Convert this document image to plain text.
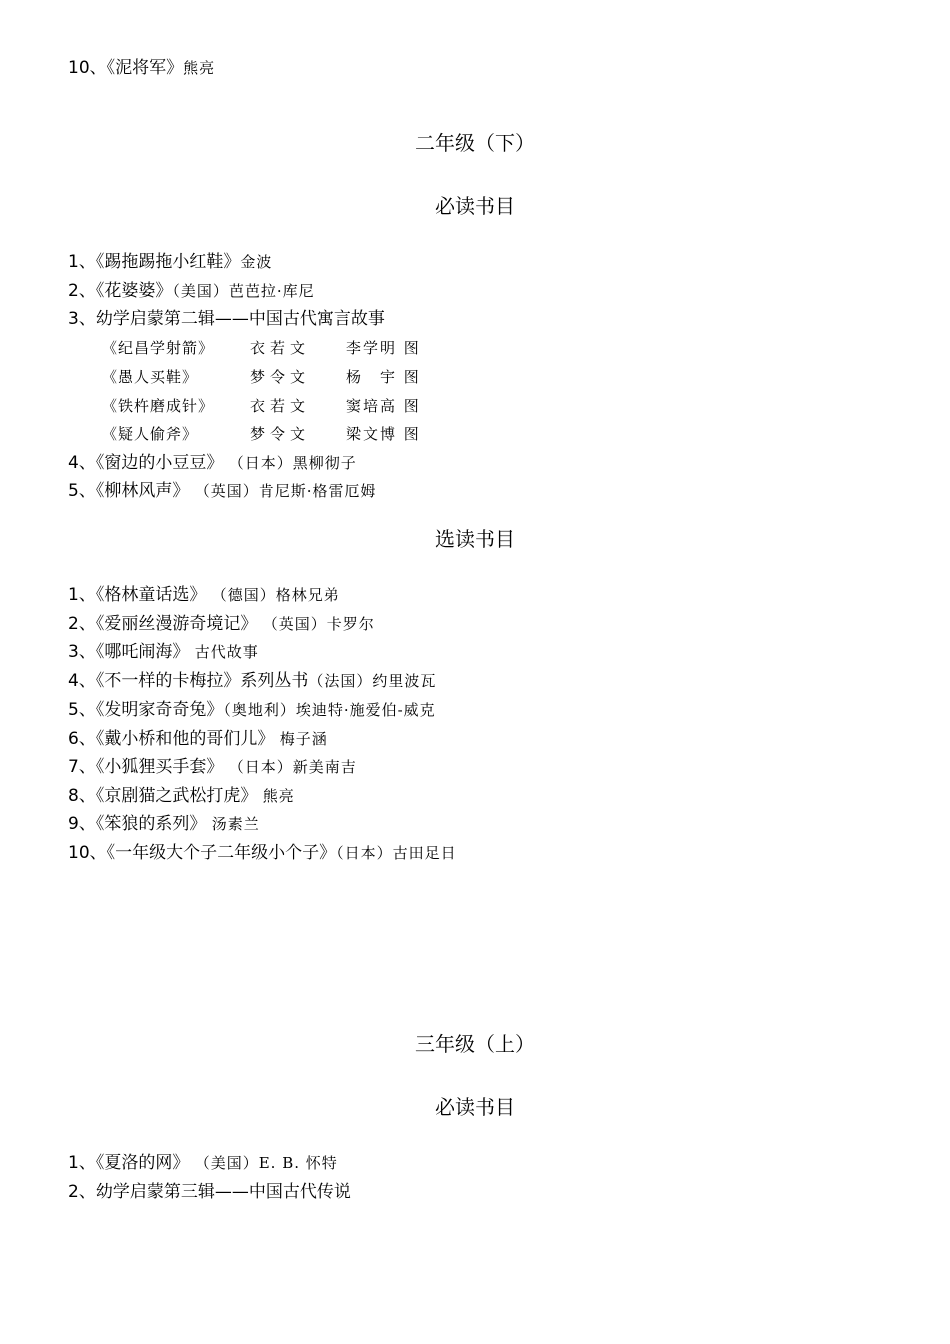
10、《泥将军》熊亮
二年级（下）
必读书目
1、《踢拖踢拖小红鞋》金波
2、《花婆婆》（美国）芭芭拉·库尼
3、幼学启蒙第二辑——中国古代寓言故事
《纪昌学射箭》 衣若文 李学明 图
《愚人买鞋》	梦令文 杨　宇 图
《铁杵磨成针》 衣若文 窦培高 图
《疑人偷斧》	梦令文 梁文博 图
4、《窗边的小豆豆》 （日本）黑柳彻子
5、《柳林风声》 （英国）肯尼斯·格雷厄姆
选读书目
1、《格林童话选》 （德国）格林兄弟
2、《爱丽丝漫游奇境记》 （英国）卡罗尔
3、《哪吒闹海》 古代故事
4、《不一样的卡梅拉》系列丛书（法国）约里波瓦
5、《发明家奇奇兔》（奥地利）埃迪特·施爱伯-威克
6、《戴小桥和他的哥们儿》 梅子涵
7、《小狐狸买手套》 （日本）新美南吉
8、《京剧猫之武松打虎》 熊亮
9、《笨狼的系列》 汤素兰
10、《一年级大个子二年级小个子》（日本）古田足日
三年级（上）
必读书目
1、《夏洛的网》 （美国）E. B. 怀特
2、幼学启蒙第三辑——中国古代传说
